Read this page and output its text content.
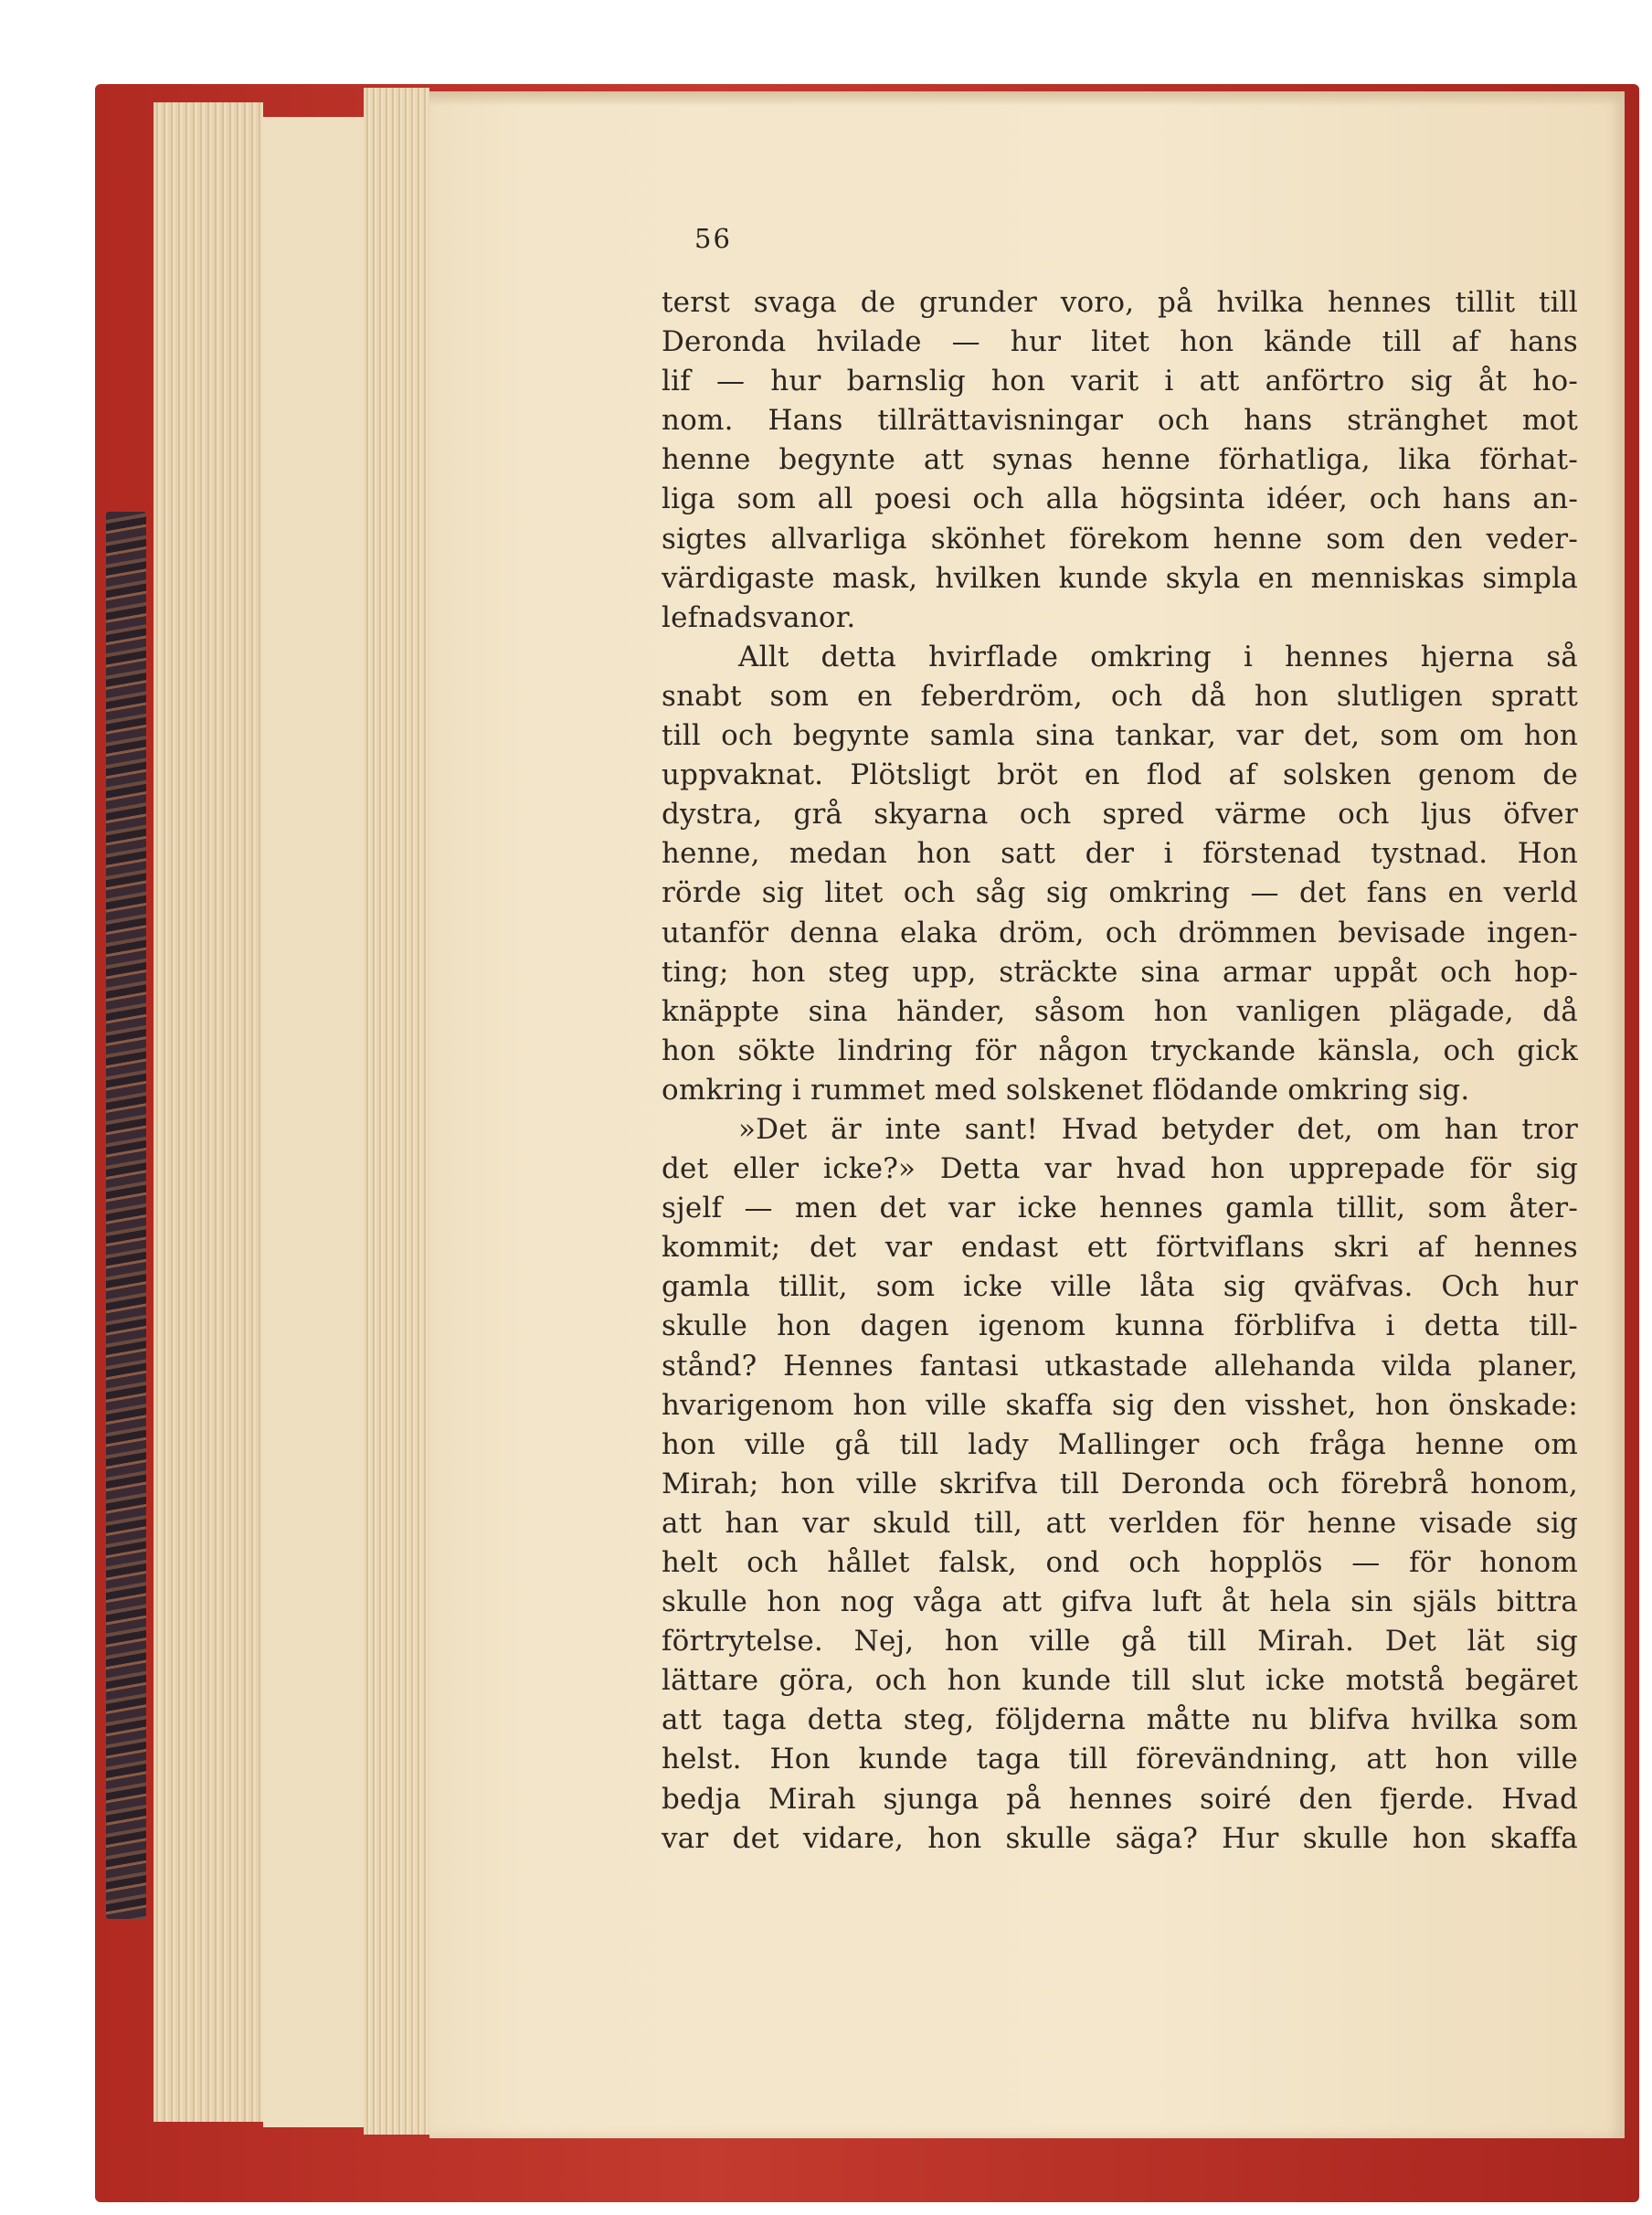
56
terst svaga de grunder voro, på hvilka hennes tillit till
Deronda hvilade — hur litet hon kände till af hans
lif — hur barnslig hon varit i att anförtro sig åt ho-
nom. Hans tillrättavisningar och hans stränghet mot
henne begynte att synas henne förhatliga, lika förhat-
liga som all poesi och alla högsinta idéer, och hans an-
sigtes allvarliga skönhet förekom henne som den veder-
värdigaste mask, hvilken kunde skyla en menniskas simpla
lefnadsvanor.
Allt detta hvirflade omkring i hennes hjerna så
snabt som en feberdröm, och då hon slutligen spratt
till och begynte samla sina tankar, var det, som om hon
uppvaknat. Plötsligt bröt en flod af solsken genom de
dystra, grå skyarna och spred värme och ljus öfver
henne, medan hon satt der i förstenad tystnad. Hon
rörde sig litet och såg sig omkring — det fans en verld
utanför denna elaka dröm, och drömmen bevisade ingen-
ting; hon steg upp, sträckte sina armar uppåt och hop-
knäppte sina händer, såsom hon vanligen plägade, då
hon sökte lindring för någon tryckande känsla, och gick
omkring i rummet med solskenet flödande omkring sig.
»Det är inte sant! Hvad betyder det, om han tror
det eller icke?» Detta var hvad hon upprepade för sig
sjelf — men det var icke hennes gamla tillit, som åter-
kommit; det var endast ett förtviflans skri af hennes
gamla tillit, som icke ville låta sig qväfvas. Och hur
skulle hon dagen igenom kunna förblifva i detta till-
stånd? Hennes fantasi utkastade allehanda vilda planer,
hvarigenom hon ville skaffa sig den visshet, hon önskade:
hon ville gå till lady Mallinger och fråga henne om
Mirah; hon ville skrifva till Deronda och förebrå honom,
att han var skuld till, att verlden för henne visade sig
helt och hållet falsk, ond och hopplös — för honom
skulle hon nog våga att gifva luft åt hela sin själs bittra
förtrytelse. Nej, hon ville gå till Mirah. Det lät sig
lättare göra, och hon kunde till slut icke motstå begäret
att taga detta steg, följderna måtte nu blifva hvilka som
helst. Hon kunde taga till förevändning, att hon ville
bedja Mirah sjunga på hennes soiré den fjerde. Hvad
var det vidare, hon skulle säga? Hur skulle hon skaffa
